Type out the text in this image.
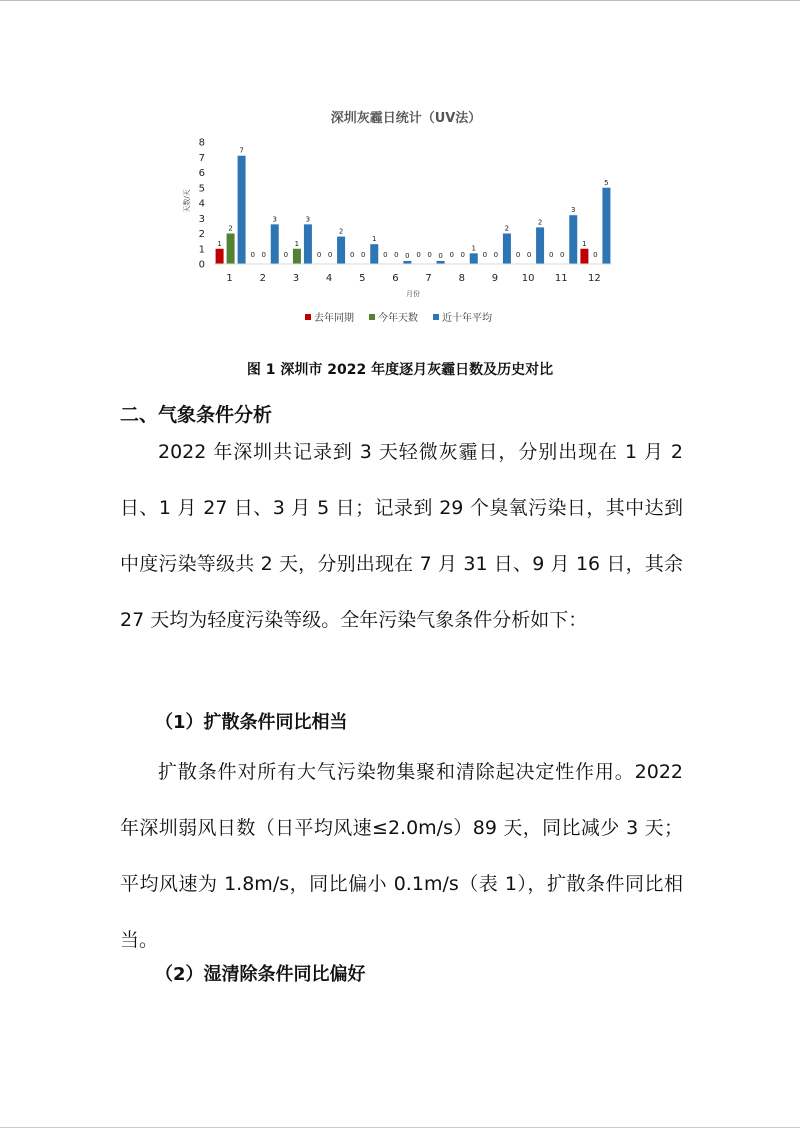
深圳灰霾日统计（UV法）
天数/天
月份
0
1
2
3
4
5
6
7
8
1
2
7
0 0
3
0
1
3
0 0
2
0 0
1
0 0 0 0 0 0 0 0
1
0 0
2
0 0
2
0 0
3
1
0
5
1	2	3	4	5	6	7	8	9 10 11 12
去年同期 今年天数 近十年平均
图 1 深圳市 2022 年度逐月灰霾日数及历史对比
二、气象条件分析

2022 年深圳共记录到 3 天轻微灰霾日，分别出现在 1 月 2 日、1 月 27 日、3 月 5 日；记录到 29 个臭氧污染日，其中达到中度污染等级共 2 天，分别出现在 7 月 31 日、9 月 16 日，其余 27 天均为轻度污染等级。全年污染气象条件分析如下：

（1）扩散条件同比相当

扩散条件对所有大气污染物集聚和清除起决定性作用。2022 年深圳弱风日数（日平均风速≤2.0m/s）89 天，同比减少 3 天；平均风速为 1.8m/s，同比偏小 0.1m/s（表 1），扩散条件同比相当。

（2）湿清除条件同比偏好
